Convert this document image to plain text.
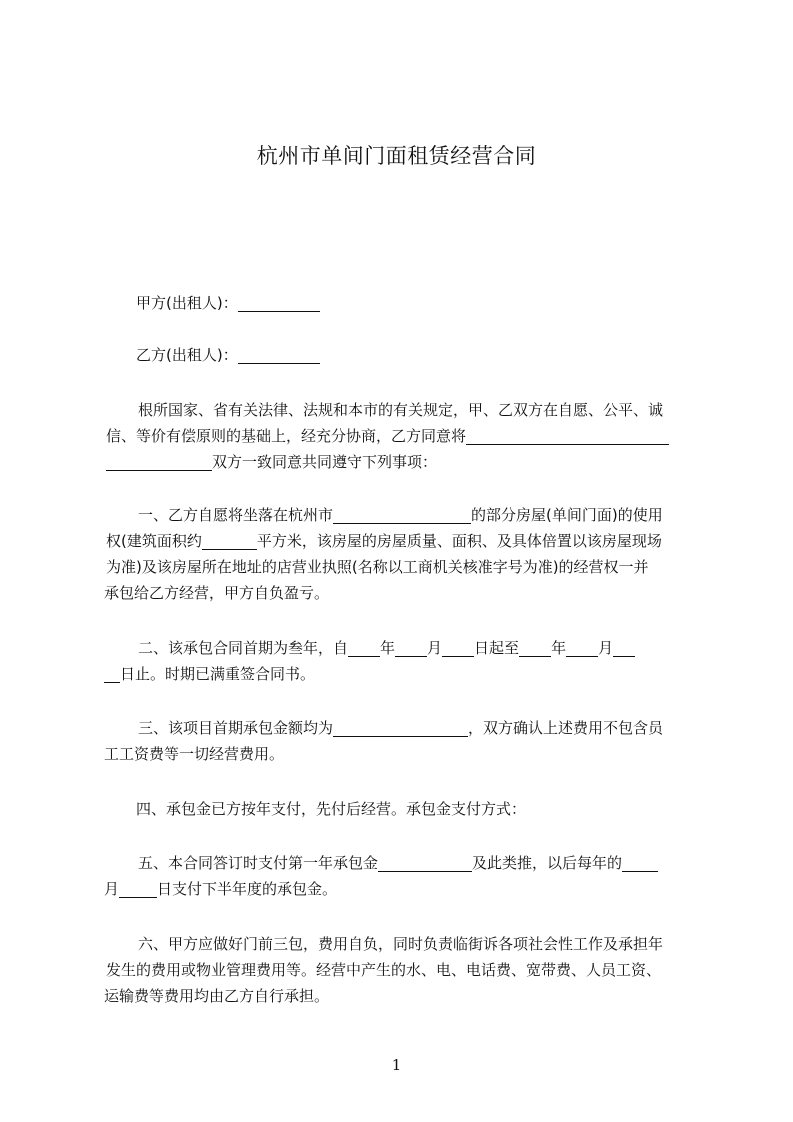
杭州市单间门面租赁经营合同
甲方(出租人)：
乙方(出租人)：
根所国家、省有关法律、法规和本市的有关规定，甲、乙双方在自愿、公平、诚
信、等价有偿原则的基础上，经充分协商，乙方同意将
双方一致同意共同遵守下列事项：
一、乙方自愿将坐落在杭州市	的部分房屋(单间门面)的使用
权(建筑面积约	平方米，该房屋的房屋质量、面积、及具体倍置以该房屋现场
为准)及该房屋所在地址的店营业执照(名称以工商机关核准字号为准)的经营权一并
承包给乙方经营，甲方自负盈亏。
二、该承包合同首期为叁年，自 年 月 日起至 年 月
日止。时期已满重签合同书。
三、该项目首期承包金额均为	，双方确认上述费用不包含员
工工资费等一切经营费用。
四、承包金已方按年支付，先付后经营。承包金支付方式：
五、本合同答订时支付第一年承包金	及此类推，以后每年的
月	日支付下半年度的承包金。
六、甲方应做好门前三包，费用自负，同时负责临街诉各项社会性工作及承担年
发生的费用或物业管理费用等。经营中产生的水、电、电话费、宽带费、人员工资、
运输费等费用均由乙方自行承担。
1
